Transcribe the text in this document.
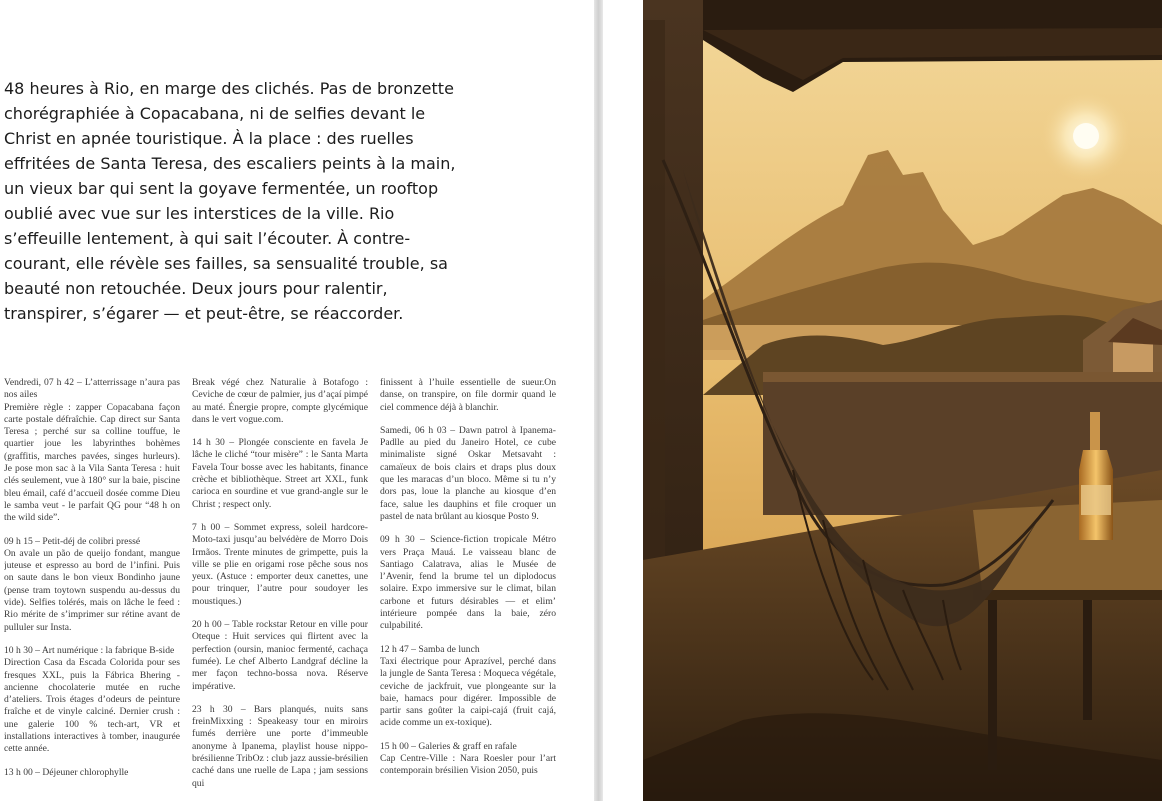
48 heures à Rio, en marge des clichés. Pas de bronzette chorégraphiée à Copacabana, ni de selfies devant le Christ en apnée touristique. À la place : des ruelles effritées de Santa Teresa, des escaliers peints à la main, un vieux bar qui sent la goyave fermentée, un rooftop oublié avec vue sur les interstices de la ville. Rio s’effeuille lentement, à qui sait l’écouter. À contre-courant, elle révèle ses failles, sa sensualité trouble, sa beauté non retouchée. Deux jours pour ralentir, transpirer, s’égarer — et peut-être, se réaccorder.

Vendredi, 07 h 42 – L’atterrissage n’aura pas nos ailes
Première règle : zapper Copacabana façon carte postale défraîchie. Cap direct sur Santa Teresa ; perché sur sa colline touffue, le quartier joue les labyrinthes bohèmes (graffitis, marches pavées, singes hurleurs). Je pose mon sac à la Vila Santa Teresa : huit clés seulement, vue à 180° sur la baie, piscine bleu émail, café d’accueil dosée comme Dieu le samba veut - le parfait QG pour “48 h on the wild side”.

09 h 15 – Petit-déj de colibri pressé
On avale un pão de queijo fondant, mangue juteuse et espresso au bord de l’infini. Puis on saute dans le bon vieux Bondinho jaune (pense tram toytown suspendu au-dessus du vide). Selfies tolérés, mais on lâche le feed : Rio mérite de s’imprimer sur rétine avant de pulluler sur Insta.

10 h 30 – Art numérique : la fabrique B-side
Direction Casa da Escada Colorida pour ses fresques XXL, puis la Fábrica Bhering - ancienne chocolaterie mutée en ruche d’ateliers. Trois étages d’odeurs de peinture fraîche et de vinyle calciné. Dernier crush : une galerie 100 % tech-art, VR et installations interactives à tomber, inaugurée cette année.

13 h 00 – Déjeuner chlorophylle

Break végé chez Naturalie à Botafogo : Ceviche de cœur de palmier, jus d’açaí pimpé au maté. Énergie propre, compte glycémique dans le vert vogue.com.

14 h 30 – Plongée consciente en favela Je lâche le cliché “tour misère” : le Santa Marta Favela Tour bosse avec les habitants, finance crèche et bibliothèque. Street art XXL, funk carioca en sourdine et vue grand-angle sur le Christ ; respect only.

7 h 00 – Sommet express, soleil hardcore- Moto-taxi jusqu’au belvédère de Morro Dois Irmãos. Trente minutes de grimpette, puis la ville se plie en origami rose pêche sous nos yeux. (Astuce : emporter deux canettes, une pour trinquer, l’autre pour soudoyer les moustiques.)

20 h 00 – Table rockstar Retour en ville pour Oteque : Huit services qui flirtent avec la perfection (oursin, manioc fermenté, cachaça fumée). Le chef Alberto Landgraf décline la mer façon techno-bossa nova. Réserve impérative.

23 h 30 – Bars planqués, nuits sans freinMixxing : Speakeasy tour en miroirs fumés derrière une porte d’immeuble anonyme à Ipanema, playlist house nippo-brésilienne TribOz : club jazz aussie-brésilien caché dans une ruelle de Lapa ; jam sessions qui

finissent à l’huile essentielle de sueur.On danse, on transpire, on file dormir quand le ciel commence déjà à blanchir.

Samedi, 06 h 03 – Dawn patrol à Ipanema-Padlle au pied du Janeiro Hotel, ce cube minimaliste signé Oskar Metsavaht : camaïeux de bois clairs et draps plus doux que les maracas d’un bloco. Même si tu n’y dors pas, loue la planche au kiosque d’en face, salue les dauphins et file croquer un pastel de nata brûlant au kiosque Posto 9.

09 h 30 – Science-fiction tropicale Métro vers Praça Mauá. Le vaisseau blanc de Santiago Calatrava, alias le Musée de l’Avenir, fend la brume tel un diplodocus solaire. Expo immersive sur le climat, bilan carbone et futurs désirables — et elim’ intérieure pompée dans la baie, zéro culpabilité.

12 h 47 – Samba de lunch
Taxi électrique pour Aprazível, perché dans la jungle de Santa Teresa : Moqueca végétale, ceviche de jackfruit, vue plongeante sur la baie, hamacs pour digérer. Impossible de partir sans goûter la caipi-cajá (fruit cajá, acide comme un ex-toxique).

15 h 00 – Galeries & graff en rafale
Cap Centre-Ville : Nara Roesler pour l’art contemporain brésilien Vision 2050, puis
